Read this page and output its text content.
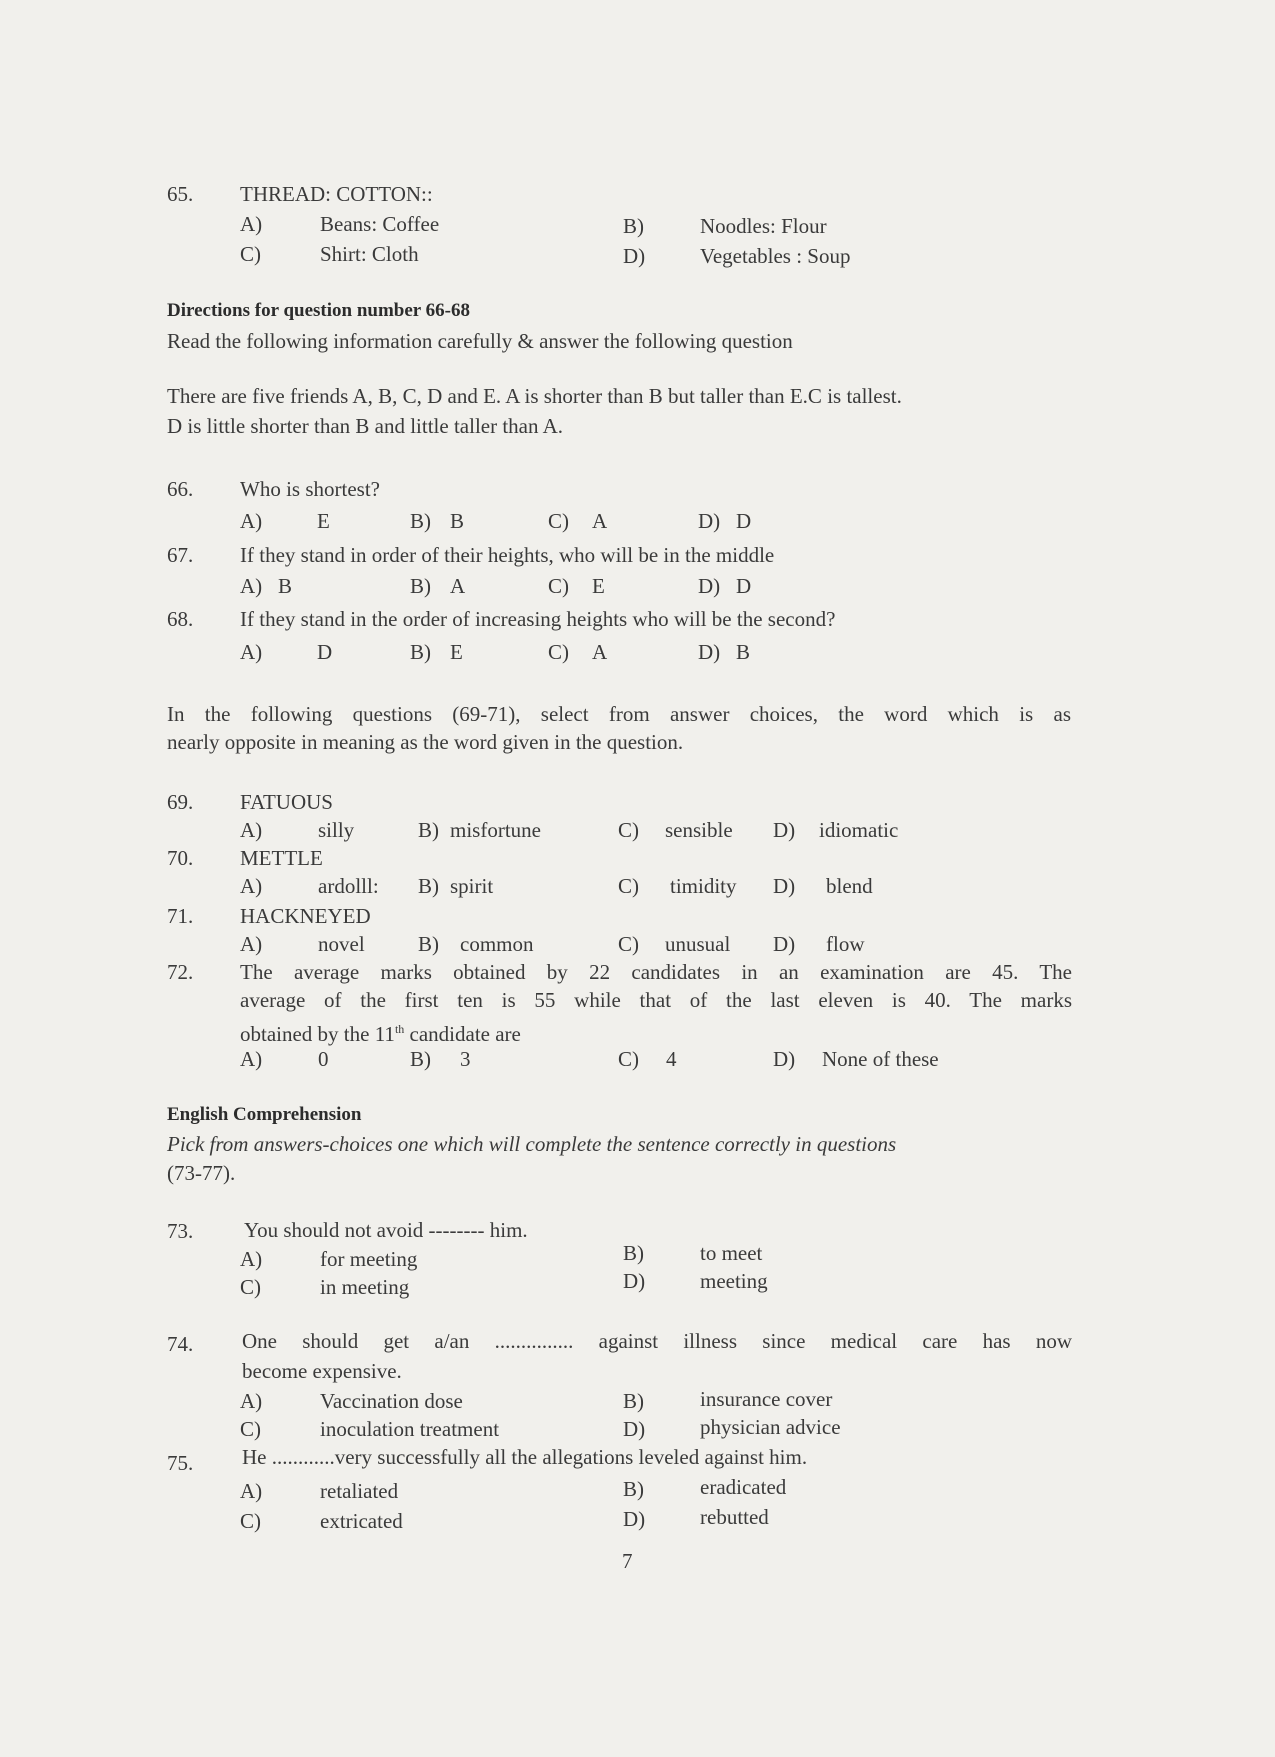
65. THREAD: COTTON::
A)	Beans: Coffee	B)	Noodles: Flour
C)	Shirt: Cloth	D)	Vegetables : Soup
Directions for question number 66-68
Read the following information carefully & answer the following question
There are five friends A, B, C, D and E. A is shorter than B but taller than E.C is tallest.
D is little shorter than B and little taller than A.
66. Who is shortest?
A)	E	B) B	C) A	D) D
67. If they stand in order of their heights, who will be in the middle
A) B	B) A	C) E	D) D
68. If they stand in the order of increasing heights who will be the second?
A)	D	B) E	C) A	D) B
In the following questions (69-71), select from answer choices, the word which is as
nearly opposite in meaning as the word given in the question.
69. FATUOUS
A)	silly	B) misfortune	C) sensible D) idiomatic
70. METTLE
A)	ardolll: B) spirit	C) timidity D) blend
71. HACKNEYED
A)	novel	B) common	C) unusual D) flow
72. The average marks obtained by 22 candidates in an examination are 45. The
average of the first ten is 55 while that of the last eleven is 40. The marks
obtained by the 11th candidate are
A)	0	B) 3	C) 4	D) None of these
English Comprehension
Pick from answers-choices one which will complete the sentence correctly in questions
(73-77).
73. You should not avoid -------- him.
A)	for meeting	B)	to meet
C)	in meeting	D)	meeting
74. One should get a/an ............... against illness since medical care has now
become expensive.
A)	Vaccination dose	B)	insurance cover
C)	inoculation treatment	D)	physician advice
75. He ............very successfully all the allegations leveled against him.
A)	retaliated	B)	eradicated
C)	extricated	D)	rebutted
7
